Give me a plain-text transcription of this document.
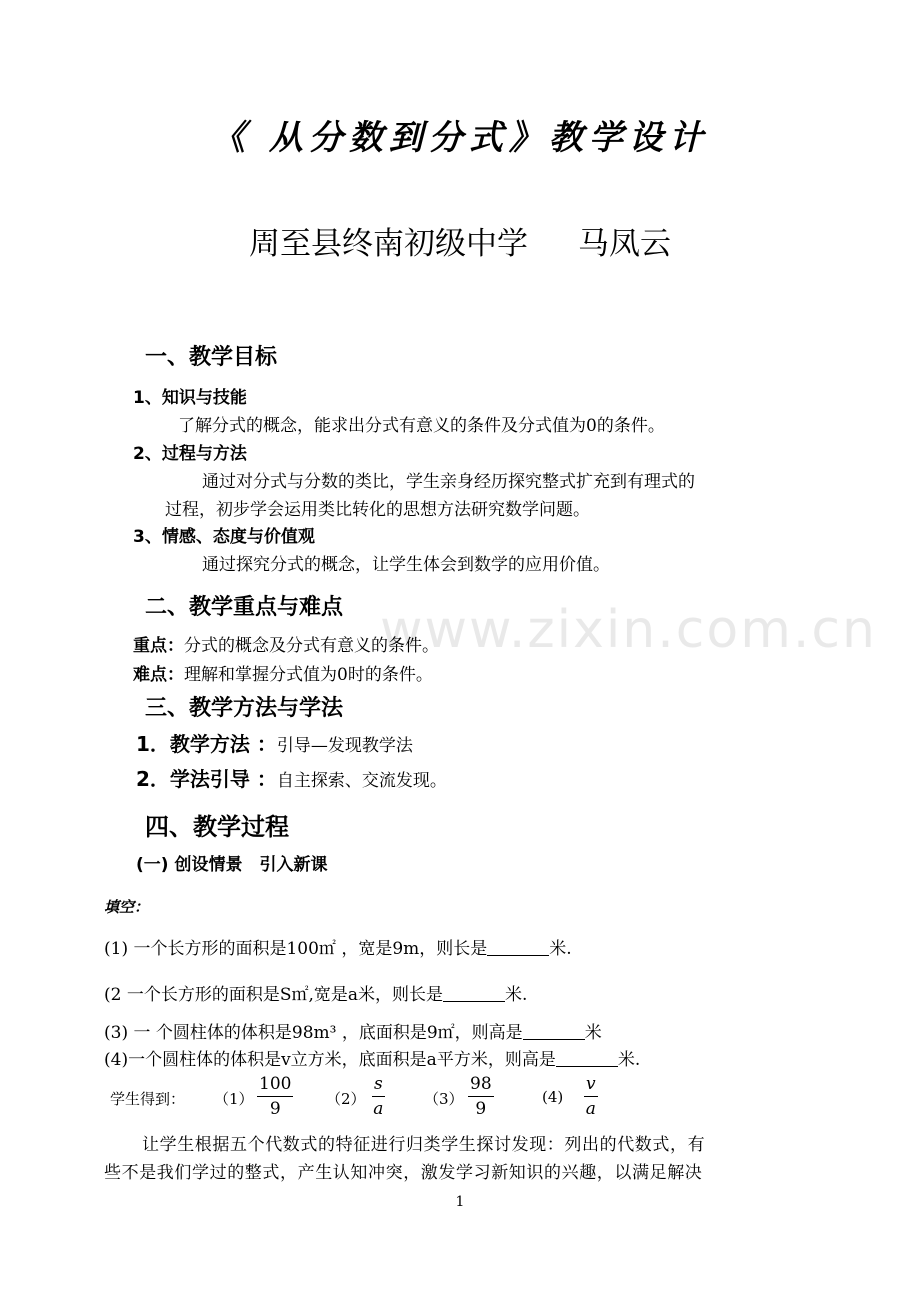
www.zixin.com.cn
《 从分数到分式》教学设计
周至县终南初级中学 马凤云
一、教学目标
1、知识与技能
了解分式的概念，能求出分式有意义的条件及分式值为0的条件。
2、过程与方法
通过对分式与分数的类比，学生亲身经历探究整式扩充到有理式的
过程，初步学会运用类比转化的思想方法研究数学问题。
3、情感、态度与价值观
通过探究分式的概念，让学生体会到数学的应用价值。
二、教学重点与难点
重点：分式的概念及分式有意义的条件。
难点：理解和掌握分式值为0时的条件。
三、教学方法与学法
1．教学方法 ：引导—发现教学法
2．学法引导 ：自主探索、交流发现。
四、教学过程
(一) 创设情景　引入新课
填空：
(1) 一个长方形的面积是100㎡ ，宽是9m，则长是	米.
(2 一个长方形的面积是S㎡,宽是a米，则长是	米.
(3) 一 个圆柱体的体积是98m³ ，底面积是9㎡，则高是	米
(4)一个圆柱体的体积是v立方米，底面积是a平方米，则高是	米.
学生得到： $(1) \frac{100}{9} (2) \frac{s}{a}$	$(3) \frac{98}{9}$	$(4) \frac{v}{a}$
让学生根据五个代数式的特征进行归类学生探讨发现：列出的代数式，有
些不是我们学过的整式，产生认知冲突，激发学习新知识的兴趣，以满足解决
1
